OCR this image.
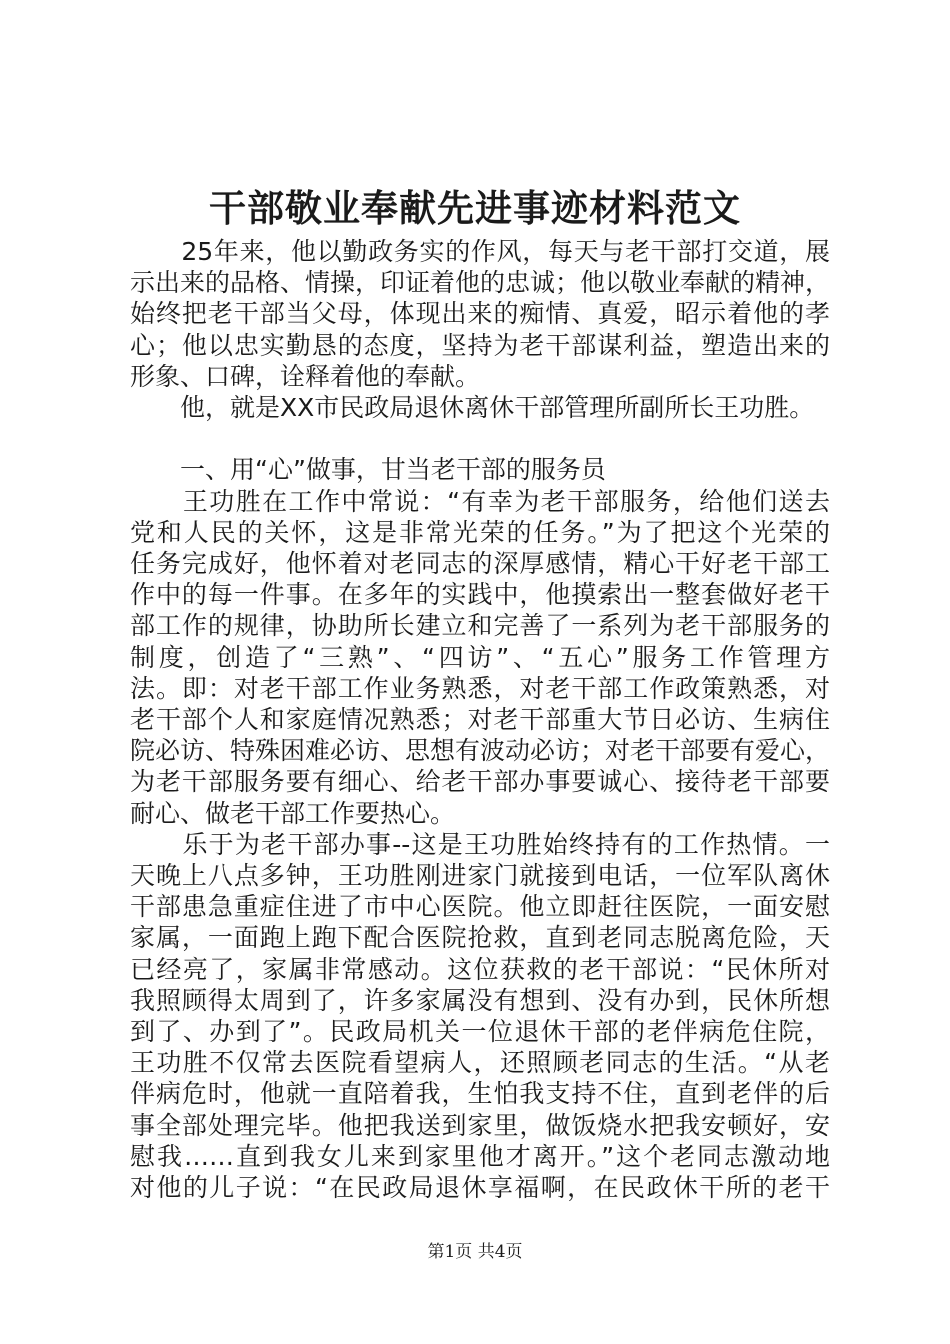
干部敬业奉献先进事迹材料范文
　　25年来，他以勤政务实的作风，每天与老干部打交道，展
示出来的品格、情操，印证着他的忠诚；他以敬业奉献的精神，
始终把老干部当父母，体现出来的痴情、真爱，昭示着他的孝
心；他以忠实勤恳的态度，坚持为老干部谋利益，塑造出来的
形象、口碑，诠释着他的奉献。
　　他，就是XX市民政局退休离休干部管理所副所长王功胜。
　　一、用“心”做事，甘当老干部的服务员
　　王功胜在工作中常说：“有幸为老干部服务，给他们送去
党和人民的关怀，这是非常光荣的任务。”为了把这个光荣的
任务完成好，他怀着对老同志的深厚感情，精心干好老干部工
作中的每一件事。在多年的实践中，他摸索出一整套做好老干
部工作的规律，协助所长建立和完善了一系列为老干部服务的
制度，创造了“三熟”、“四访”、“五心”服务工作管理方
法。即：对老干部工作业务熟悉，对老干部工作政策熟悉，对
老干部个人和家庭情况熟悉；对老干部重大节日必访、生病住
院必访、特殊困难必访、思想有波动必访；对老干部要有爱心，
为老干部服务要有细心、给老干部办事要诚心、接待老干部要
耐心、做老干部工作要热心。
　　乐于为老干部办事--这是王功胜始终持有的工作热情。一
天晚上八点多钟，王功胜刚进家门就接到电话，一位军队离休
干部患急重症住进了市中心医院。他立即赶往医院，一面安慰
家属，一面跑上跑下配合医院抢救，直到老同志脱离危险，天
已经亮了，家属非常感动。这位获救的老干部说：“民休所对
我照顾得太周到了，许多家属没有想到、没有办到，民休所想
到了、办到了”。民政局机关一位退休干部的老伴病危住院，
王功胜不仅常去医院看望病人，还照顾老同志的生活。“从老
伴病危时，他就一直陪着我，生怕我支持不住，直到老伴的后
事全部处理完毕。他把我送到家里，做饭烧水把我安顿好，安
慰我……直到我女儿来到家里他才离开。”这个老同志激动地
对他的儿子说：“在民政局退休享福啊，在民政休干所的老干
第1页 共4页
